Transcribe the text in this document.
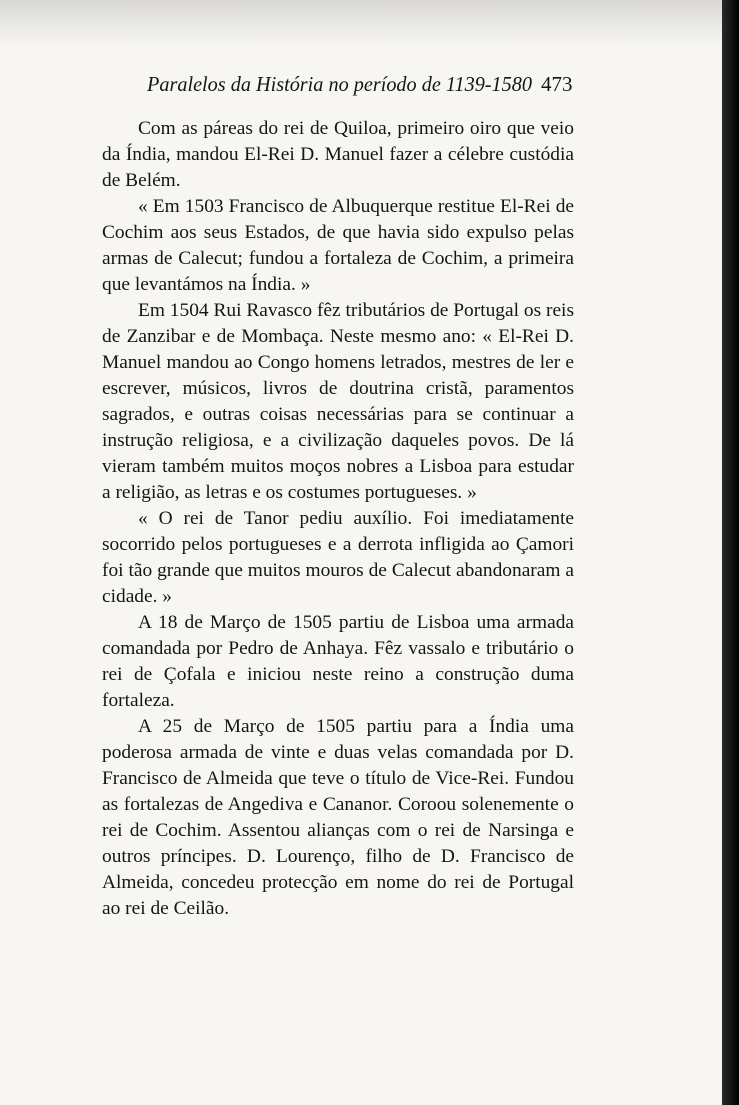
Paralelos da História no período de 1139-1580 473

Com as páreas do rei de Quiloa, primeiro oiro que veio da Índia, mandou El-Rei D. Manuel fazer a célebre custódia de Belém.

« Em 1503 Francisco de Albuquerque restitue El-Rei de Cochim aos seus Estados, de que havia sido expulso pelas armas de Calecut; fundou a fortaleza de Cochim, a primeira que levantámos na Índia. »

Em 1504 Rui Ravasco fêz tributários de Portugal os reis de Zanzibar e de Mombaça. Neste mesmo ano: « El-Rei D. Manuel mandou ao Congo homens letrados, mestres de ler e escrever, músicos, livros de doutrina cristã, paramentos sagrados, e outras coisas necessárias para se continuar a instrução religiosa, e a civilização daqueles povos. De lá vieram também muitos moços nobres a Lisboa para estudar a religião, as letras e os costumes portugueses. »

« O rei de Tanor pediu auxílio. Foi imediatamente socorrido pelos portugueses e a derrota infligida ao Çamori foi tão grande que muitos mouros de Calecut abandonaram a cidade. »

A 18 de Março de 1505 partiu de Lisboa uma armada comandada por Pedro de Anhaya. Fêz vassalo e tributário o rei de Çofala e iniciou neste reino a construção duma fortaleza.

A 25 de Março de 1505 partiu para a Índia uma poderosa armada de vinte e duas velas comandada por D. Francisco de Almeida que teve o título de Vice-Rei. Fundou as fortalezas de Angediva e Cananor. Coroou solenemente o rei de Cochim. Assentou alianças com o rei de Narsinga e outros príncipes. D. Lourenço, filho de D. Francisco de Almeida, concedeu protecção em nome do rei de Portugal ao rei de Ceilão.
